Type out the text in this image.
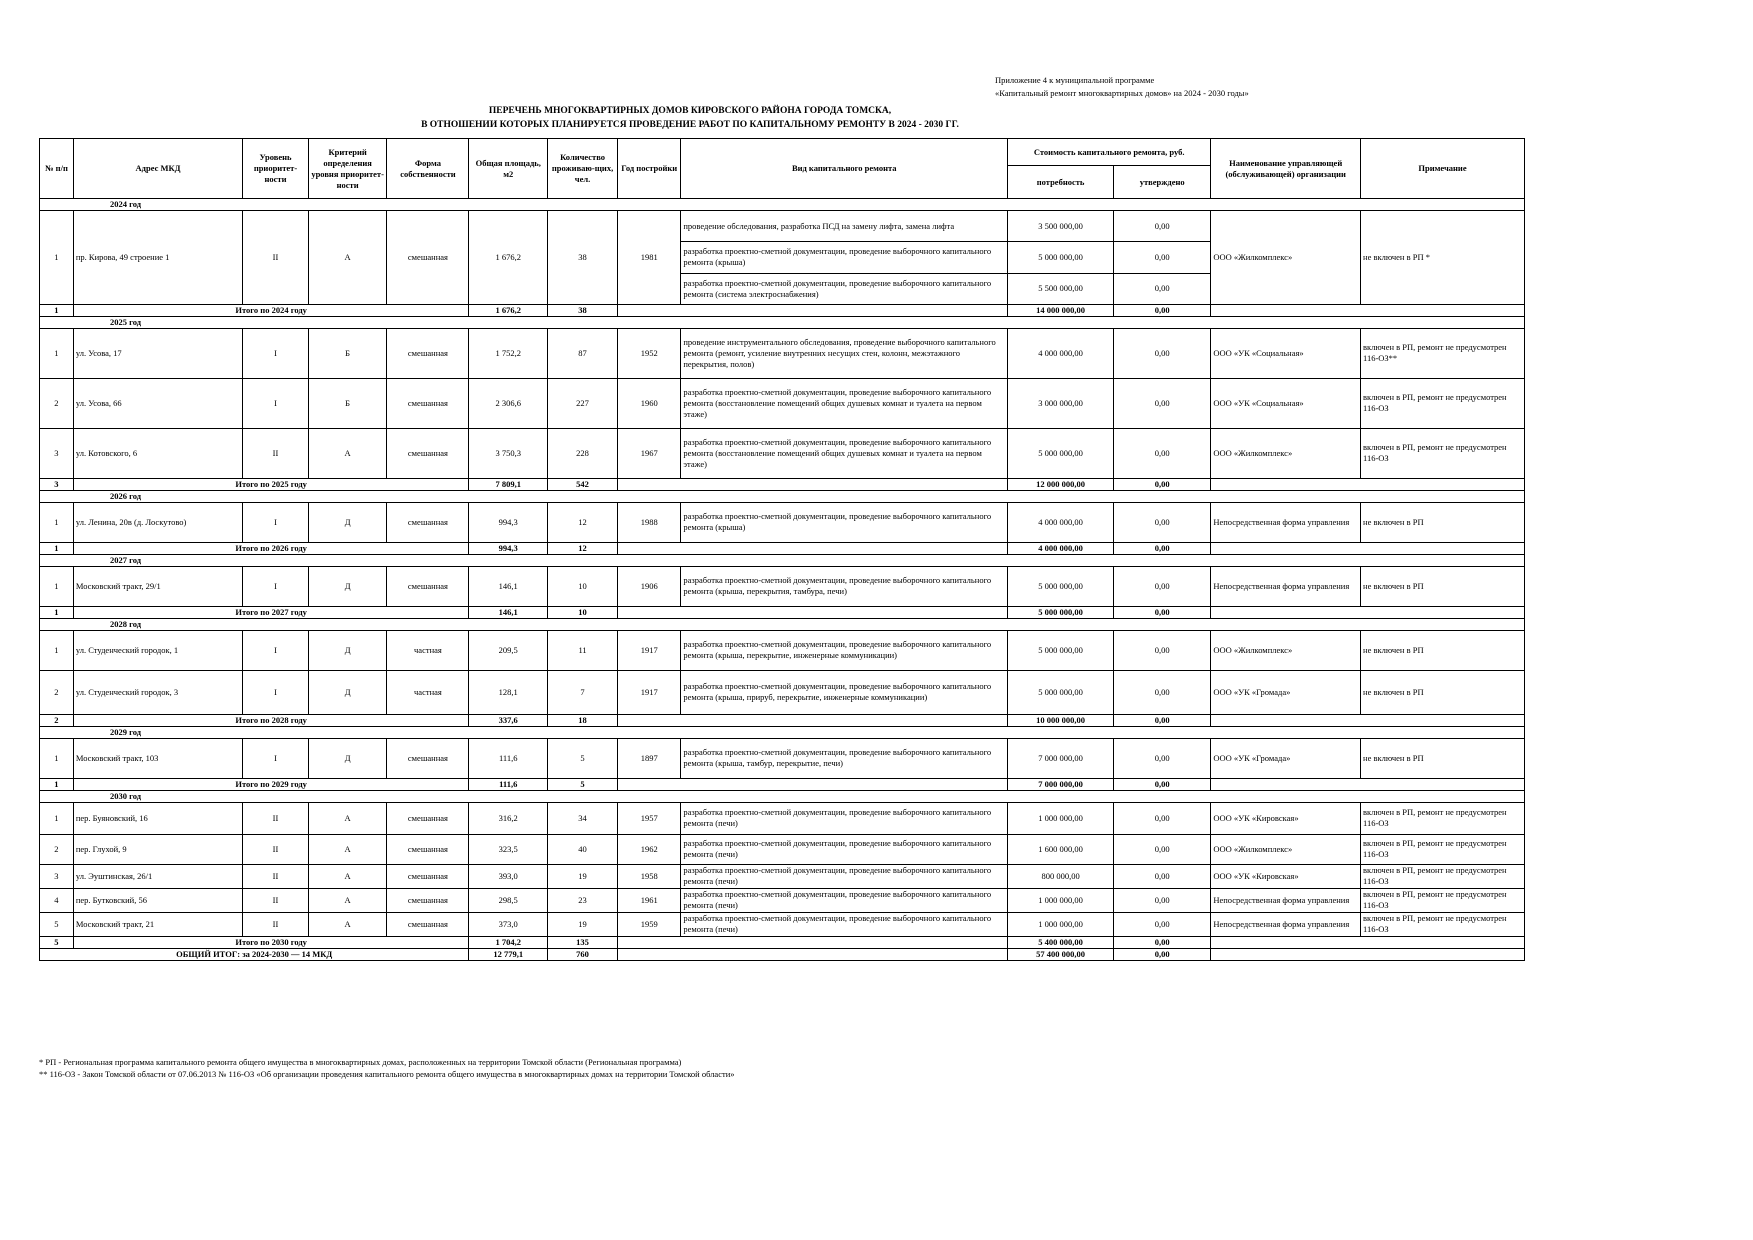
Приложение 4 к муниципальной программе
«Капитальный ремонт многоквартирных домов» на 2024 - 2030 годы»
ПЕРЕЧЕНЬ МНОГОКВАРТИРНЫХ ДОМОВ КИРОВСКОГО РАЙОНА ГОРОДА ТОМСКА,
В ОТНОШЕНИИ КОТОРЫХ ПЛАНИРУЕТСЯ ПРОВЕДЕНИЕ РАБОТ ПО КАПИТАЛЬНОМУ РЕМОНТУ В 2024 - 2030 ГГ.
№ п/п	Адрес МКД	Уровень приоритет-ности	Критерий определения уровня приоритет-ности	Форма собственности	Общая площадь, м2	Количество проживаю-щих, чел.	Год постройки	Вид капитального ремонта	Стоимость капитального ремонта, руб.		Наименование управляющей (обслуживающей) организации	Примечание
									потребность	утверждено		
2024 год												
1	пр. Кирова, 49 строение 1	II	А	смешанная	1 676,2	38	1981	проведение обследования, разработка ПСД на замену лифта, замена лифта	3 500 000,00	0,00	ООО «Жилкомплекс»	не включен в РП *
								разработка проектно-сметной документации, проведение выборочного капитального ремонта (крыша)	5 000 000,00	0,00		
								разработка проектно-сметной документации, проведение выборочного капитального ремонта (система электроснабжения)	5 500 000,00	0,00		
1	Итого по 2024 году				1 676,2	38			14 000 000,00	0,00		
2025 год												
1	ул. Усова, 17	I	Б	смешанная	1 752,2	87	1952	проведение инструментального обследования, проведение выборочного капитального ремонта (ремонт, усиление внутренних несущих стен, колонн, межэтажного перекрытия, полов)	4 000 000,00	0,00	ООО «УК «Социальная»	включен в РП, ремонт не предусмотрен 116-ОЗ**
2	ул. Усова, 66	I	Б	смешанная	2 306,6	227	1960	разработка проектно-сметной документации, проведение выборочного капитального ремонта (восстановление помещений общих душевых комнат и туалета на первом этаже)	3 000 000,00	0,00	ООО «УК «Социальная»	включен в РП, ремонт не предусмотрен 116-ОЗ
3	ул. Котовского, 6	II	А	смешанная	3 750,3	228	1967	разработка проектно-сметной документации, проведение выборочного капитального ремонта (восстановление помещений общих душевых комнат и туалета на первом этаже)	5 000 000,00	0,00	ООО «Жилкомплекс»	включен в РП, ремонт не предусмотрен 116-ОЗ
3	Итого по 2025 году				7 809,1	542			12 000 000,00	0,00		
2026 год												
1	ул. Ленина, 20в (д. Лоскутово)	I	Д	смешанная	994,3	12	1988	разработка проектно-сметной документации, проведение выборочного капитального ремонта (крыша)	4 000 000,00	0,00	Непосредственная форма управления	не включен в РП
1	Итого по 2026 году				994,3	12			4 000 000,00	0,00		
2027 год												
1	Московский тракт, 29/1	I	Д	смешанная	146,1	10	1906	разработка проектно-сметной документации, проведение выборочного капитального ремонта (крыша, перекрытия, тамбура, печи)	5 000 000,00	0,00	Непосредственная форма управления	не включен в РП
1	Итого по 2027 году				146,1	10			5 000 000,00	0,00		
2028 год												
1	ул. Студенческий городок, 1	I	Д	частная	209,5	11	1917	разработка проектно-сметной документации, проведение выборочного капитального ремонта (крыша, перекрытие, инженерные коммуникации)	5 000 000,00	0,00	ООО «Жилкомплекс»	не включен в РП
2	ул. Студенческий городок, 3	I	Д	частная	128,1	7	1917	разработка проектно-сметной документации, проведение выборочного капитального ремонта (крыша, прируб, перекрытие, инженерные коммуникации)	5 000 000,00	0,00	ООО «УК «Громада»	не включен в РП
2	Итого по 2028 году				337,6	18			10 000 000,00	0,00		
2029 год												
1	Московский тракт, 103	I	Д	смешанная	111,6	5	1897	разработка проектно-сметной документации, проведение выборочного капитального ремонта (крыша, тамбур, перекрытие, печи)	7 000 000,00	0,00	ООО «УК «Громада»	не включен в РП
1	Итого по 2029 году				111,6	5			7 000 000,00	0,00		
2030 год												
1	пер. Буяновский, 16	II	А	смешанная	316,2	34	1957	разработка проектно-сметной документации, проведение выборочного капитального ремонта (печи)	1 000 000,00	0,00	ООО «УК «Кировская»	включен в РП, ремонт не предусмотрен 116-ОЗ
2	пер. Глухой, 9	II	А	смешанная	323,5	40	1962	разработка проектно-сметной документации, проведение выборочного капитального ремонта (печи)	1 600 000,00	0,00	ООО «Жилкомплекс»	включен в РП, ремонт не предусмотрен 116-ОЗ
3	ул. Эуштинская, 26/1	II	А	смешанная	393,0	19	1958	разработка проектно-сметной документации, проведение выборочного капитального ремонта (печи)	800 000,00	0,00	ООО «УК «Кировская»	включен в РП, ремонт не предусмотрен 116-ОЗ
4	пер. Бутковский, 56	II	А	смешанная	298,5	23	1961	разработка проектно-сметной документации, проведение выборочного капитального ремонта (печи)	1 000 000,00	0,00	Непосредственная форма управления	включен в РП, ремонт не предусмотрен 116-ОЗ
5	Московский тракт, 21	II	А	смешанная	373,0	19	1959	разработка проектно-сметной документации, проведение выборочного капитального ремонта (печи)	1 000 000,00	0,00	Непосредственная форма управления	включен в РП, ремонт не предусмотрен 116-ОЗ
5	Итого по 2030 году				1 704,2	135			5 400 000,00	0,00		
ОБЩИЙ ИТОГ: за 2024-2030 — 14 МКД					12 779,1	760			57 400 000,00	0,00		
* РП - Региональная программа капитального ремонта общего имущества в многоквартирных домах, расположенных на территории Томской области (Региональная программа)
** 116-ОЗ - Закон Томской области от 07.06.2013 № 116-ОЗ «Об организации проведения капитального ремонта общего имущества в многоквартирных домах на территории Томской области»
